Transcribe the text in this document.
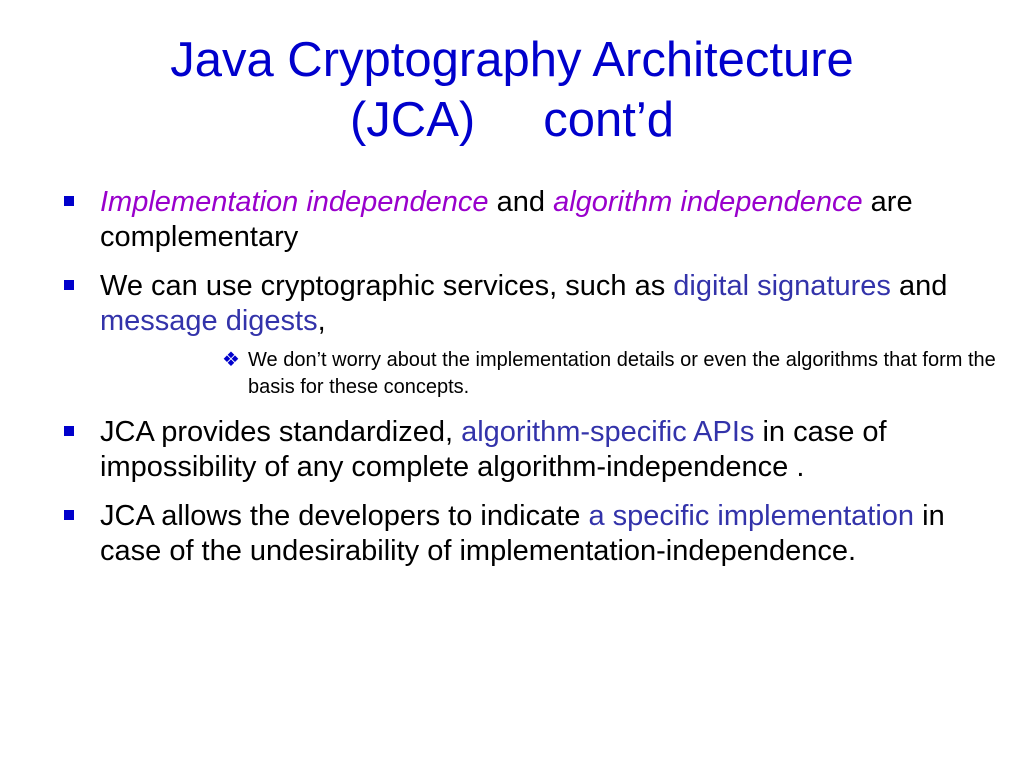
Java Cryptography Architecture
(JCA)     cont’d
Implementation independence and algorithm independence are complementary
We can use cryptographic services, such as digital signatures and message digests,
❖ We don’t worry about the implementation details or even the algorithms that form the basis for these concepts.
JCA provides standardized, algorithm-specific APIs in case of impossibility of any complete algorithm-independence .
JCA allows the developers to indicate a specific implementation in case of the undesirability of implementation-independence.
